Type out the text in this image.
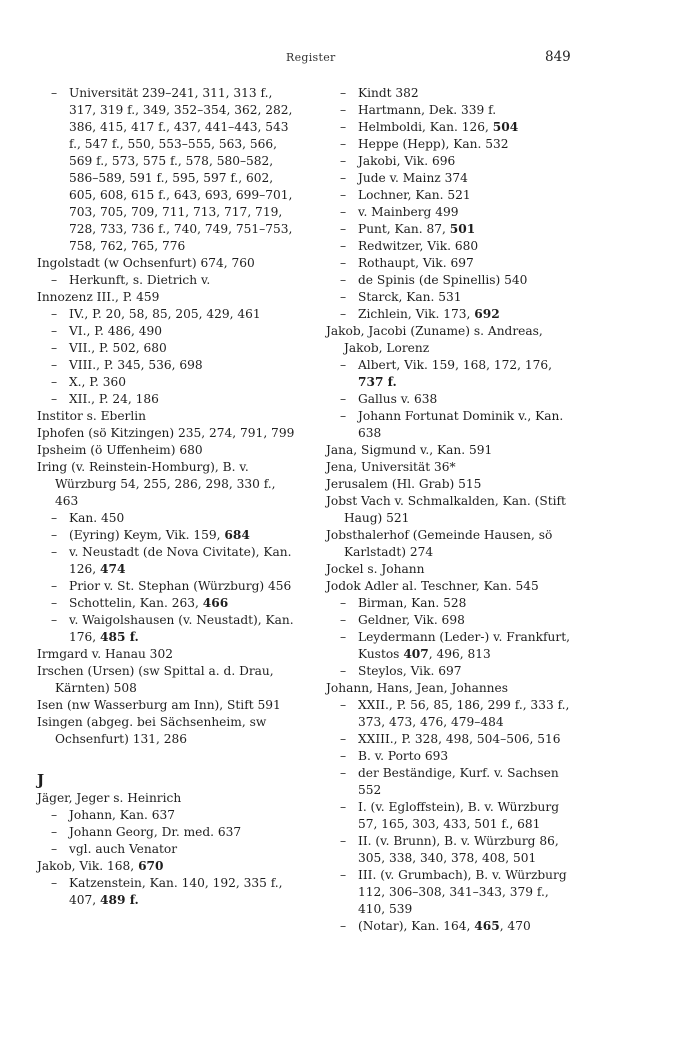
Register	849

– Universität 239–241, 311, 313 f., 317, 319 f., 349, 352–354, 362, 282, 386, 415, 417 f., 437, 441–443, 543 f., 547 f., 550, 553–555, 563, 566, 569 f., 573, 575 f., 578, 580–582, 586–589, 591 f., 595, 597 f., 602, 605, 608, 615 f., 643, 693, 699–701, 703, 705, 709, 711, 713, 717, 719, 728, 733, 736 f., 740, 749, 751–753, 758, 762, 765, 776

Ingolstadt (w Ochsenfurt) 674, 760

– Herkunft, s. Dietrich v.

Innozenz III., P. 459

– IV., P. 20, 58, 85, 205, 429, 461

– VI., P. 486, 490

– VII., P. 502, 680

– VIII., P. 345, 536, 698

– X., P. 360

– XII., P. 24, 186

Institor s. Eberlin

Iphofen (sö Kitzingen) 235, 274, 791, 799

Ipsheim (ö Uffenheim) 680

Iring (v. Reinstein-Homburg), B. v. Würzburg 54, 255, 286, 298, 330 f., 463

– Kan. 450

– (Eyring) Keym, Vik. 159, 684

– v. Neustadt (de Nova Civitate), Kan. 126, 474

– Prior v. St. Stephan (Würzburg) 456

– Schottelin, Kan. 263, 466

– v. Waigolshausen (v. Neustadt), Kan. 176, 485 f.

Irmgard v. Hanau 302

Irschen (Ursen) (sw Spittal a. d. Drau, Kärnten) 508

Isen (nw Wasserburg am Inn), Stift 591

Isingen (abgeg. bei Sächsenheim, sw Ochsenfurt) 131, 286

J

Jäger, Jeger s. Heinrich

– Johann, Kan. 637

– Johann Georg, Dr. med. 637

– vgl. auch Venator

Jakob, Vik. 168, 670

– Katzenstein, Kan. 140, 192, 335 f., 407, 489 f.

– Kindt 382

– Hartmann, Dek. 339 f.

– Helmboldi, Kan. 126, 504

– Heppe (Hepp), Kan. 532

– Jakobi, Vik. 696

– Jude v. Mainz 374

– Lochner, Kan. 521

– v. Mainberg 499

– Punt, Kan. 87, 501

– Redwitzer, Vik. 680

– Rothaupt, Vik. 697

– de Spinis (de Spinellis) 540

– Starck, Kan. 531

– Zichlein, Vik. 173, 692

Jakob, Jacobi (Zuname) s. Andreas, Jakob, Lorenz

– Albert, Vik. 159, 168, 172, 176, 737 f.

– Gallus v. 638

– Johann Fortunat Dominik v., Kan. 638

Jana, Sigmund v., Kan. 591

Jena, Universität 36*

Jerusalem (Hl. Grab) 515

Jobst Vach v. Schmalkalden, Kan. (Stift Haug) 521

Jobsthalerhof (Gemeinde Hausen, sö Karlstadt) 274

Jockel s. Johann

Jodok Adler al. Teschner, Kan. 545

– Birman, Kan. 528

– Geldner, Vik. 698

– Leydermann (Leder-) v. Frankfurt, Kustos 407, 496, 813

– Steylos, Vik. 697

Johann, Hans, Jean, Johannes

– XXII., P. 56, 85, 186, 299 f., 333 f., 373, 473, 476, 479–484

– XXIII., P. 328, 498, 504–506, 516

– B. v. Porto 693

– der Beständige, Kurf. v. Sachsen 552

– I. (v. Egloffstein), B. v. Würzburg 57, 165, 303, 433, 501 f., 681

– II. (v. Brunn), B. v. Würzburg 86, 305, 338, 340, 378, 408, 501

– III. (v. Grumbach), B. v. Würzburg 112, 306–308, 341–343, 379 f., 410, 539

– (Notar), Kan. 164, 465, 470
